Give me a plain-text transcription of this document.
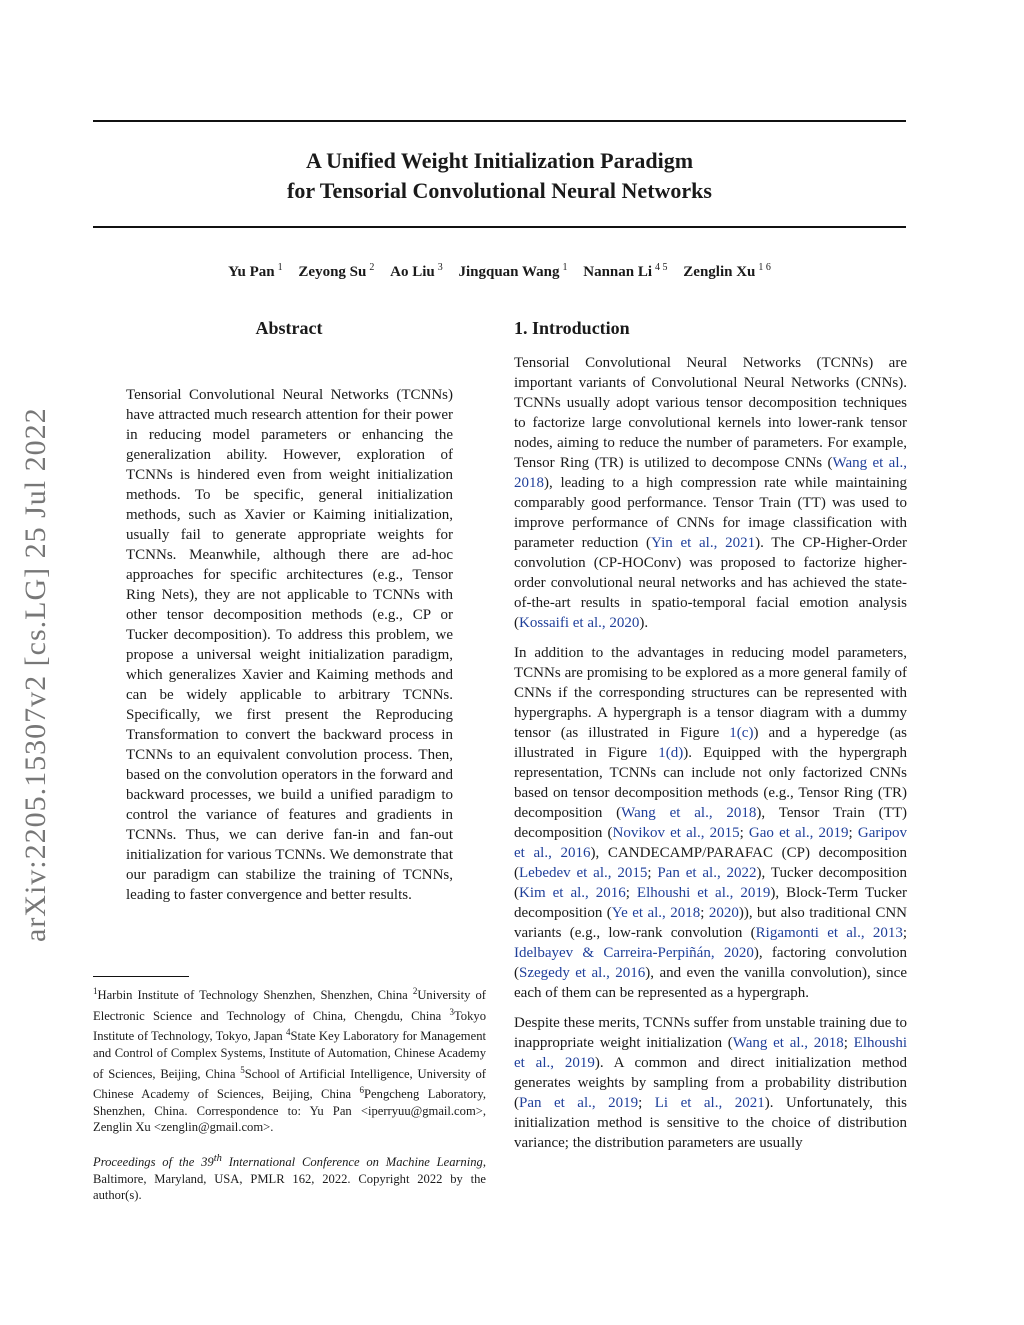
A Unified Weight Initialization Paradigm
for Tensorial Convolutional Neural Networks
Yu Pan $^1$ Zeyong Su $^2$ Ao Liu $^3$ Jingquan Wang $^1$ Nannan Li $^{4 5}$ Zenglin Xu $^{1 6}$
arXiv:2205.15307v2 [cs.LG] 25 Jul 2022
Abstract
Tensorial Convolutional Neural Networks (TCNNs) have attracted much research attention for their power in reducing model parameters or enhancing the generalization ability. However, exploration of TCNNs is hindered even from weight initialization methods. To be specific, general initialization methods, such as Xavier or Kaiming initialization, usually fail to generate appropriate weights for TCNNs. Meanwhile, although there are ad-hoc approaches for specific architectures (e.g., Tensor Ring Nets), they are not applicable to TCNNs with other tensor decomposition methods (e.g., CP or Tucker decomposition). To address this problem, we propose a universal weight initialization paradigm, which generalizes Xavier and Kaiming methods and can be widely applicable to arbitrary TCNNs. Specifically, we first present the Reproducing Transformation to convert the backward process in TCNNs to an equivalent convolution process. Then, based on the convolution operators in the forward and backward processes, we build a unified paradigm to control the variance of features and gradients in TCNNs. Thus, we can derive fan-in and fan-out initialization for various TCNNs. We demonstrate that our paradigm can stabilize the training of TCNNs, leading to faster convergence and better results.
$^1$Harbin Institute of Technology Shenzhen, Shenzhen, China $^2$University of Electronic Science and Technology of China, Chengdu, China $^3$Tokyo Institute of Technology, Tokyo, Japan $^4$State Key Laboratory for Management and Control of Complex Systems, Institute of Automation, Chinese Academy of Sciences, Beijing, China $^5$School of Artificial Intelligence, University of Chinese Academy of Sciences, Beijing, China $^6$Pengcheng Laboratory, Shenzhen, China. Correspondence to: Yu Pan <iperryuu@gmail.com>, Zenglin Xu <zenglin@gmail.com>.
Proceedings of the 39th International Conference on Machine Learning, Baltimore, Maryland, USA, PMLR 162, 2022. Copyright 2022 by the author(s).
1. Introduction

Tensorial Convolutional Neural Networks (TCNNs) are important variants of Convolutional Neural Networks (CNNs). TCNNs usually adopt various tensor decomposition techniques to factorize large convolutional kernels into lower-rank tensor nodes, aiming to reduce the number of parameters. For example, Tensor Ring (TR) is utilized to decompose CNNs (Wang et al., 2018), leading to a high compression rate while maintaining comparably good performance. Tensor Train (TT) was used to improve performance of CNNs for image classification with parameter reduction (Yin et al., 2021). The CP-Higher-Order convolution (CP-HOConv) was proposed to factorize higher-order convolutional neural networks and has achieved the state-of-the-art results in spatio-temporal facial emotion analysis (Kossaifi et al., 2020).

In addition to the advantages in reducing model parameters, TCNNs are promising to be explored as a more general family of CNNs if the corresponding structures can be represented with hypergraphs. A hypergraph is a tensor diagram with a dummy tensor (as illustrated in Figure 1(c)) and a hyperedge (as illustrated in Figure 1(d)). Equipped with the hypergraph representation, TCNNs can include not only factorized CNNs based on tensor decomposition methods (e.g., Tensor Ring (TR) decomposition (Wang et al., 2018), Tensor Train (TT) decomposition (Novikov et al., 2015; Gao et al., 2019; Garipov et al., 2016), CANDECAMP/PARAFAC (CP) decomposition (Lebedev et al., 2015; Pan et al., 2022), Tucker decomposition (Kim et al., 2016; Elhoushi et al., 2019), Block-Term Tucker decomposition (Ye et al., 2018; 2020)), but also traditional CNN variants (e.g., low-rank convolution (Rigamonti et al., 2013; Idelbayev & Carreira-Perpiñán, 2020), factoring convolution (Szegedy et al., 2016), and even the vanilla convolution), since each of them can be represented as a hypergraph.

Despite these merits, TCNNs suffer from unstable training due to inappropriate weight initialization (Wang et al., 2018; Elhoushi et al., 2019). A common and direct initialization method generates weights by sampling from a probability distribution (Pan et al., 2019; Li et al., 2021). Unfortunately, this initialization method is sensitive to the choice of distribution variance; the distribution parameters are usually
